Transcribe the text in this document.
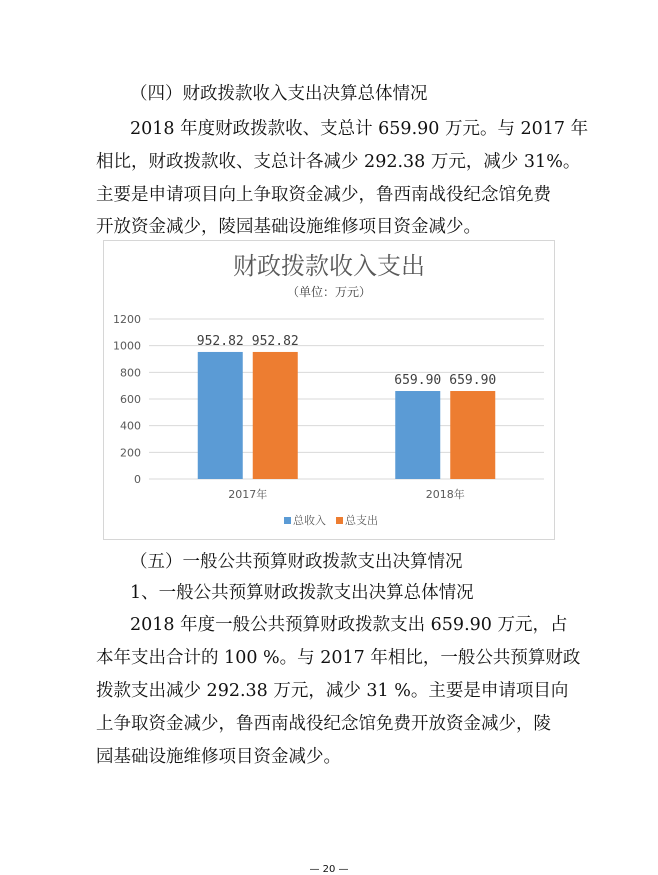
（四）财政拨款收入支出决算总体情况

2018 年度财政拨款收、支总计 659.90 万元。与 2017 年

相比，财政拨款收、支总计各减少 292.38 万元，减少 31%。

主要是申请项目向上争取资金减少，鲁西南战役纪念馆免费

开放资金减少，陵园基础设施维修项目资金减少。

财政拨款收入支出
（单位：万元）
0
200
400
600
800
1000
1200
952.82 952.82
659.90 659.90
2017年	2018年
总收入 总支出

（五）一般公共预算财政拨款支出决算情况

1、一般公共预算财政拨款支出决算总体情况

2018 年度一般公共预算财政拨款支出 659.90 万元，占

本年支出合计的 100 %。与 2017 年相比，一般公共预算财政

拨款支出减少 292.38 万元，减少 31 %。主要是申请项目向

上争取资金减少，鲁西南战役纪念馆免费开放资金减少，陵

园基础设施维修项目资金减少。

— 20 —
